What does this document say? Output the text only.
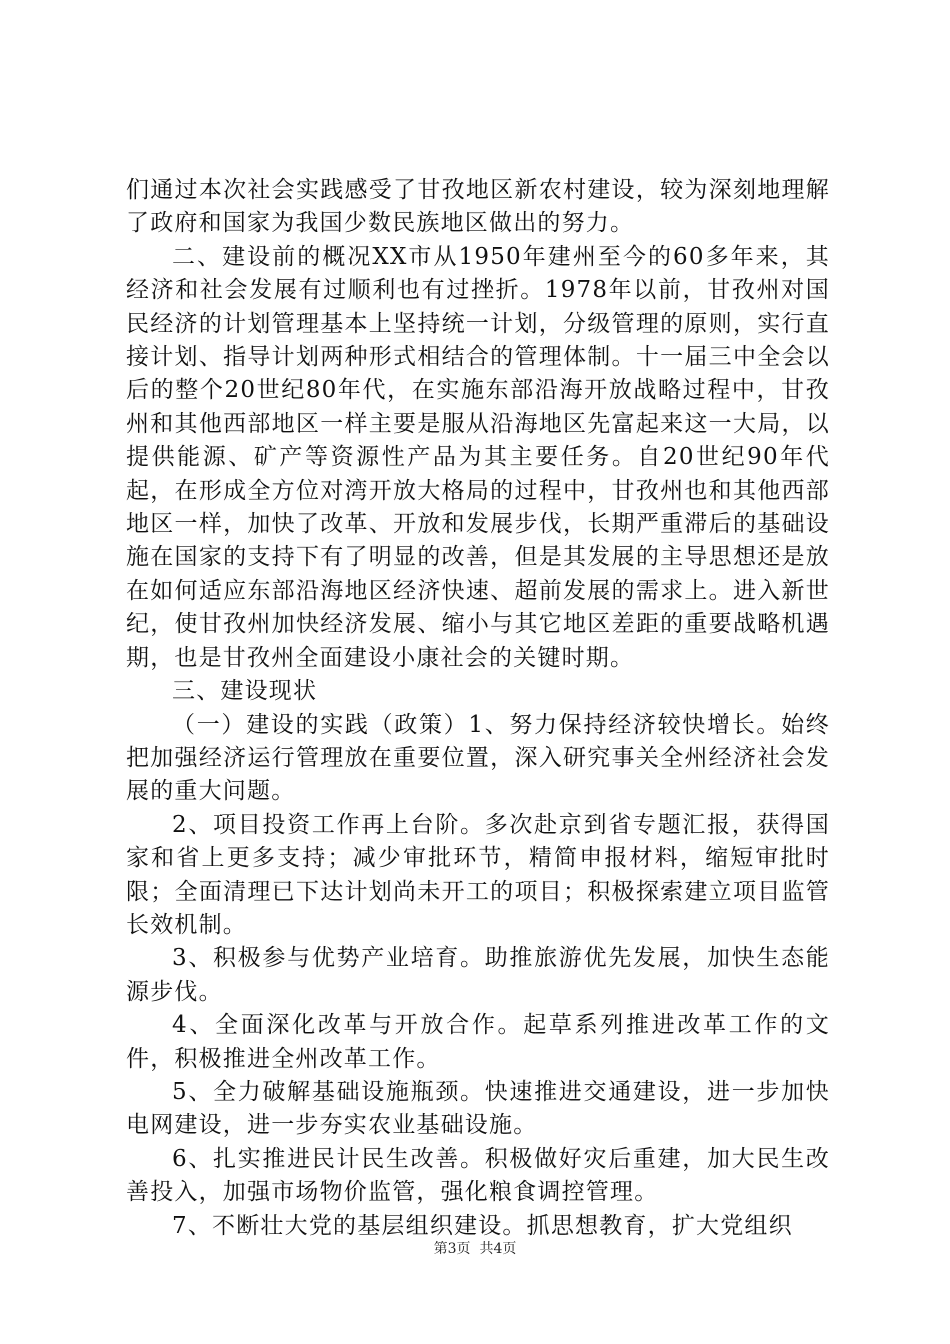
们通过本次社会实践感受了甘孜地区新农村建设，较为深刻地理解了政府和国家为我国少数民族地区做出的努力。

二、建设前的概况XX市从1950年建州至今的60多年来，其经济和社会发展有过顺利也有过挫折。1978年以前，甘孜州对国民经济的计划管理基本上坚持统一计划，分级管理的原则，实行直接计划、指导计划两种形式相结合的管理体制。十一届三中全会以后的整个20世纪80年代，在实施东部沿海开放战略过程中，甘孜州和其他西部地区一样主要是服从沿海地区先富起来这一大局，以提供能源、矿产等资源性产品为其主要任务。自20世纪90年代起，在形成全方位对湾开放大格局的过程中，甘孜州也和其他西部地区一样，加快了改革、开放和发展步伐，长期严重滞后的基础设施在国家的支持下有了明显的改善，但是其发展的主导思想还是放在如何适应东部沿海地区经济快速、超前发展的需求上。进入新世纪，使甘孜州加快经济发展、缩小与其它地区差距的重要战略机遇期，也是甘孜州全面建设小康社会的关键时期。

三、建设现状

（一）建设的实践（政策）1、努力保持经济较快增长。始终把加强经济运行管理放在重要位置，深入研究事关全州经济社会发展的重大问题。

2、项目投资工作再上台阶。多次赴京到省专题汇报，获得国家和省上更多支持；减少审批环节，精简申报材料，缩短审批时限；全面清理已下达计划尚未开工的项目；积极探索建立项目监管长效机制。

3、积极参与优势产业培育。助推旅游优先发展，加快生态能源步伐。

4、全面深化改革与开放合作。起草系列推进改革工作的文件，积极推进全州改革工作。

5、全力破解基础设施瓶颈。快速推进交通建设，进一步加快电网建设，进一步夯实农业基础设施。

6、扎实推进民计民生改善。积极做好灾后重建，加大民生改善投入，加强市场物价监管，强化粮食调控管理。

7、不断壮大党的基层组织建设。抓思想教育，扩大党组织

第3页  共4页
